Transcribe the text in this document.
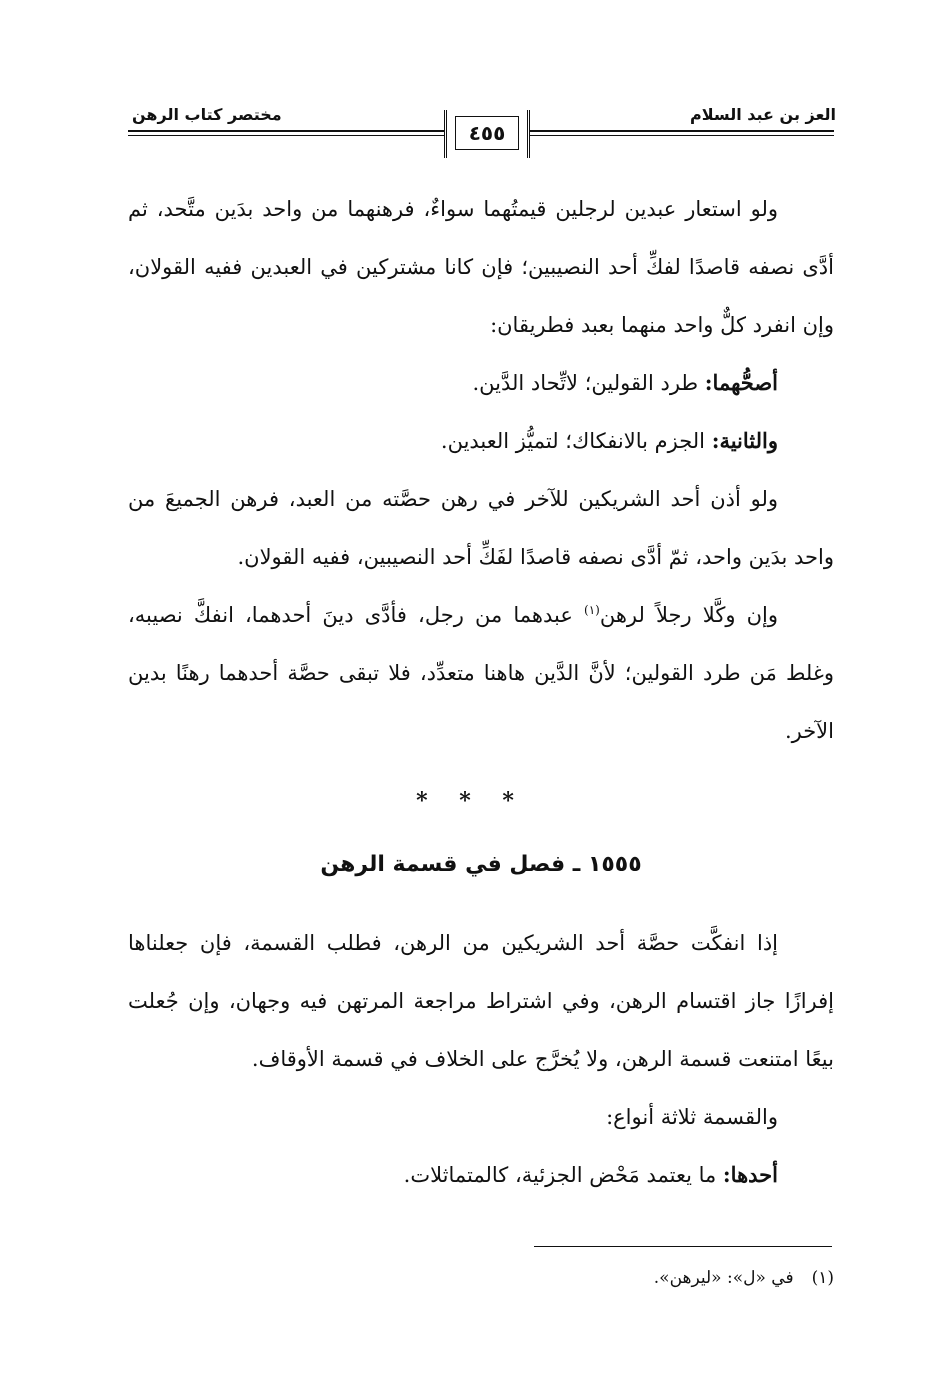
العز بن عبد السلام
مختصر كتاب الرهن
٤٥٥

ولو استعار عبدين لرجلين قيمتُهما سواءٌ، فرهنهما من واحد بدَين متَّحد، ثم أدَّى نصفه قاصدًا لفكِّ أحد النصيبين؛ فإن كانا مشتركين في العبدين ففيه القولان، وإن انفرد كلٌّ واحد منهما بعبد فطريقان:

أصحُّهما: طرد القولين؛ لاتِّحاد الدَّين.

والثانية: الجزم بالانفكاك؛ لتميُّز العبدين.

ولو أذن أحد الشريكين للآخر في رهن حصَّته من العبد، فرهن الجميعَ من واحد بدَين واحد، ثمّ أدَّى نصفه قاصدًا لفَكِّ أحد النصيبين، ففيه القولان.

وإن وكَّلا رجلاً لرهن$^{(١)}$ عبدهما من رجل، فأدَّى دينَ أحدهما، انفكَّ نصيبه، وغلط مَن طرد القولين؛ لأنَّ الدَّين هاهنا متعدِّد، فلا تبقى حصَّة أحدهما رهنًا بدين الآخر.

* * *
١٥٥٥ ـ فصل في قسمة الرهن

إذا انفكَّت حصَّة أحد الشريكين من الرهن، فطلب القسمة، فإن جعلناها إفرازًا جاز اقتسام الرهن، وفي اشتراط مراجعة المرتهن فيه وجهان، وإن جُعلت بيعًا امتنعت قسمة الرهن، ولا يُخرَّج على الخلاف في قسمة الأوقاف.

والقسمة ثلاثة أنواع:

أحدها: ما يعتمد مَحْض الجزئية، كالمتماثلات.

(١)في «ل»: «ليرهن».
